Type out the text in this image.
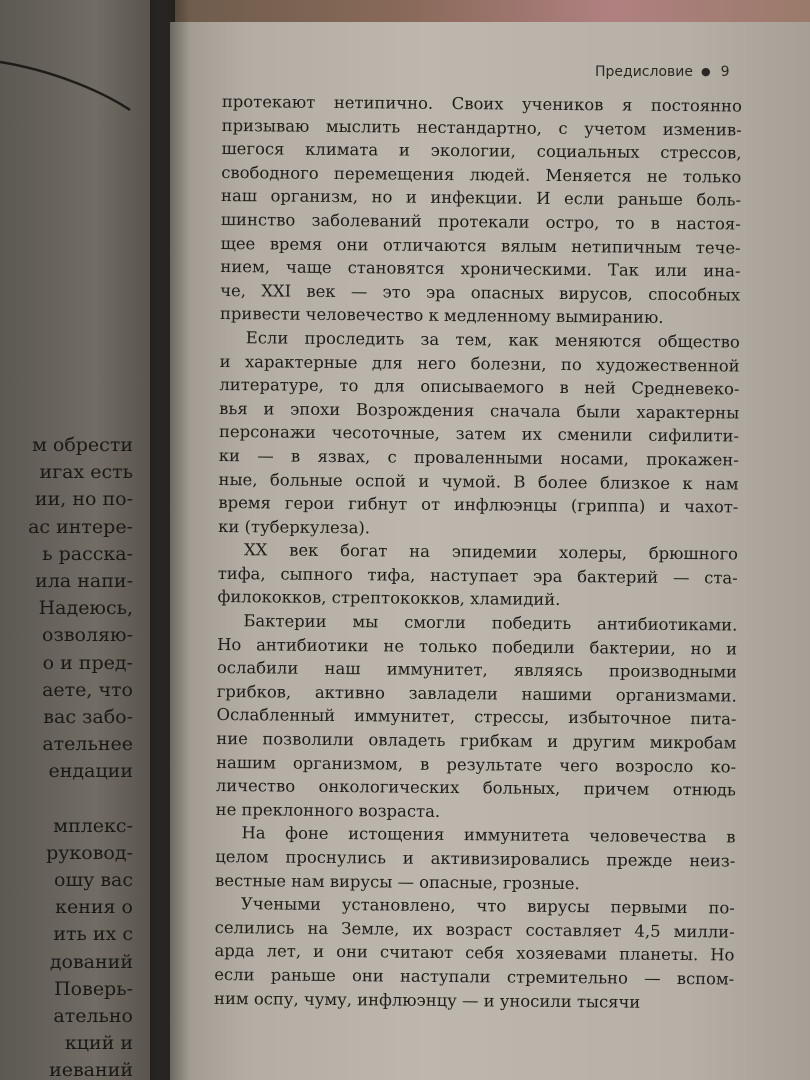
м обрести
игах есть
ии, но по-
ас интере-
ь расска-
ила напи-
Надеюсь,
озволяю-
о и пред-
аете, что
вас забо-
ательнее
ендации
мплекс-
руковод-
ошу вас
кения о
ить их с
дований
Поверь-
ательно
кций и
иеваний
Предисловие ● 9
протекают нетипично. Своих учеников я постоянно
призываю мыслить нестандартно, с учетом изменив-
шегося климата и экологии, социальных стрессов,
свободного перемещения людей. Меняется не только
наш организм, но и инфекции. И если раньше боль-
шинство заболеваний протекали остро, то в настоя-
щее время они отличаются вялым нетипичным тече-
нием, чаще становятся хроническими. Так или ина-
че, XXI век — это эра опасных вирусов, способных
привести человечество к медленному вымиранию.
Если проследить за тем, как меняются общество
и характерные для него болезни, по художественной
литературе, то для описываемого в ней Средневеко-
вья и эпохи Возрождения сначала были характерны
персонажи чесоточные, затем их сменили сифилити-
ки — в язвах, с провaленными носами, прокажен-
ные, больные оспой и чумой. В более близкое к нам
время герои гибнут от инфлюэнцы (гриппа) и чахот-
ки (туберкулеза).
XX век богат на эпидемии холеры, брюшного
тифа, сыпного тифа, наступает эра бактерий — ста-
филококков, стрептококков, хламидий.
Бактерии мы смогли победить антибиотиками.
Но антибиотики не только победили бактерии, но и
ослабили наш иммунитет, являясь производными
грибков, активно завладели нашими организмами.
Ослабленный иммунитет, стрессы, избыточное пита-
ние позволили овладеть грибкам и другим микробам
нашим организмом, в результате чего возросло ко-
личество онкологических больных, причем отнюдь
не преклонного возраста.
На фоне истощения иммунитета человечества в
целом проснулись и активизировались прежде неиз-
вестные нам вирусы — опасные, грозные.
Учеными установлено, что вирусы первыми по-
селились на Земле, их возраст составляет 4,5 милли-
арда лет, и они считают себя хозяевами планеты. Но
если раньше они наступали стремительно — вспом-
ним оспу, чуму, инфлюэнцу — и уносили тысячи
